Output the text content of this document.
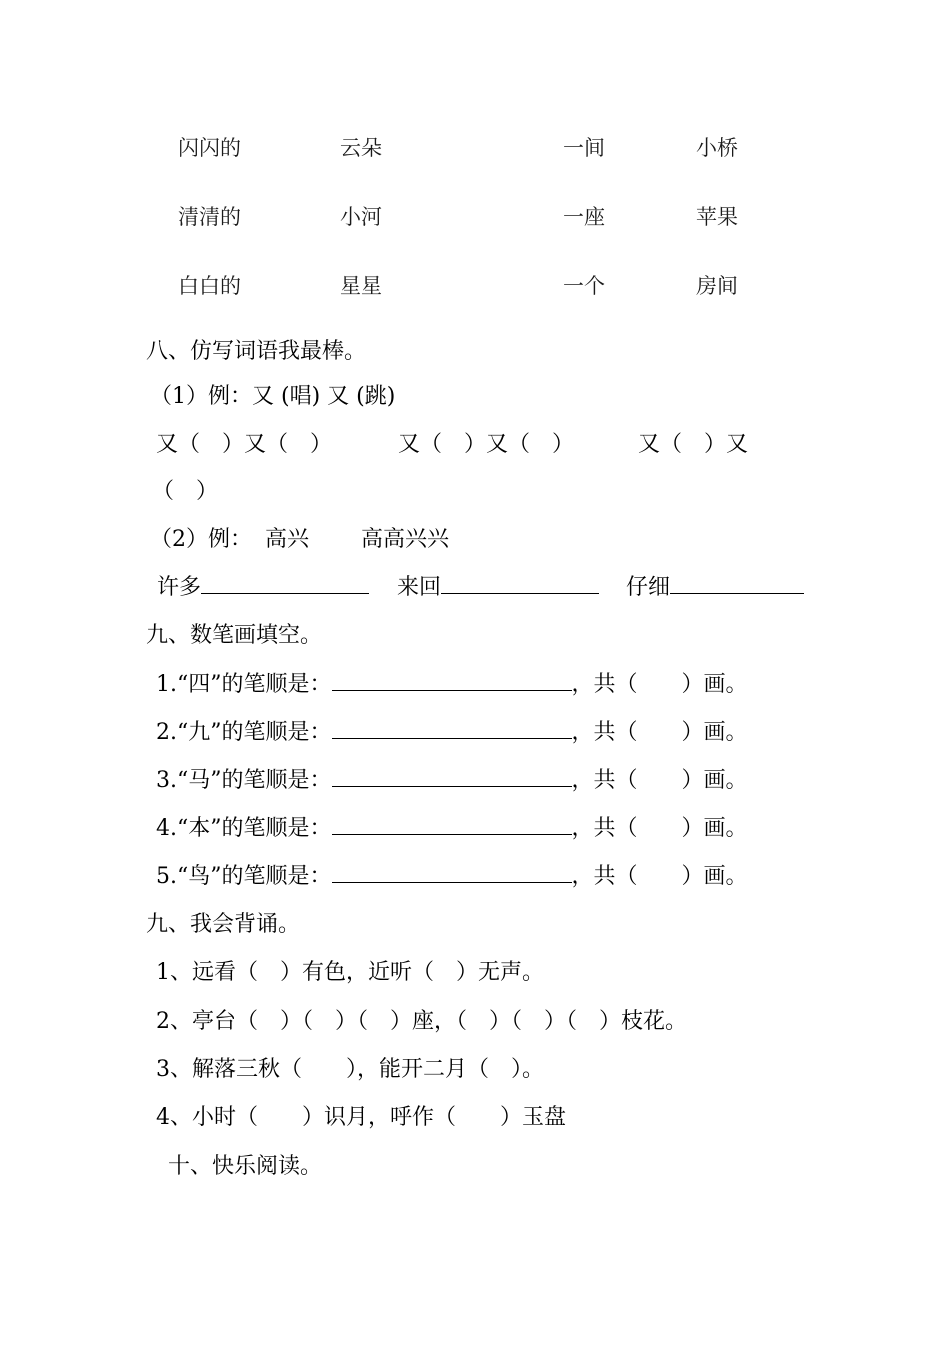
闪闪的	云朵	一间	小桥
清清的	小河	一座	苹果
白白的	星星	一个	房间
八、仿写词语我最棒。
（1）例：又 (唱) 又 (跳)
又（　）又（　）	又（　）又（　）	又（　）又
（　）
（2）例： 高兴 高高兴兴
许多	来回	仔细
九、数笔画填空。
1.“四”的笔顺是：	，共（　　）画。
2.“九”的笔顺是：	，共（　　）画。
3.“马”的笔顺是：	，共（　　）画。
4.“本”的笔顺是：	，共（　　）画。
5.“鸟”的笔顺是：	，共（　　）画。
九、我会背诵。
1、远看（　）有色，近听（　）无声。
2、亭台（　）（　）（　）座，（　）（　）（　）枝花。
3、解落三秋（　　），能开二月（　）。
4、小时（　　）识月，呼作（　　）玉盘
十、快乐阅读。
